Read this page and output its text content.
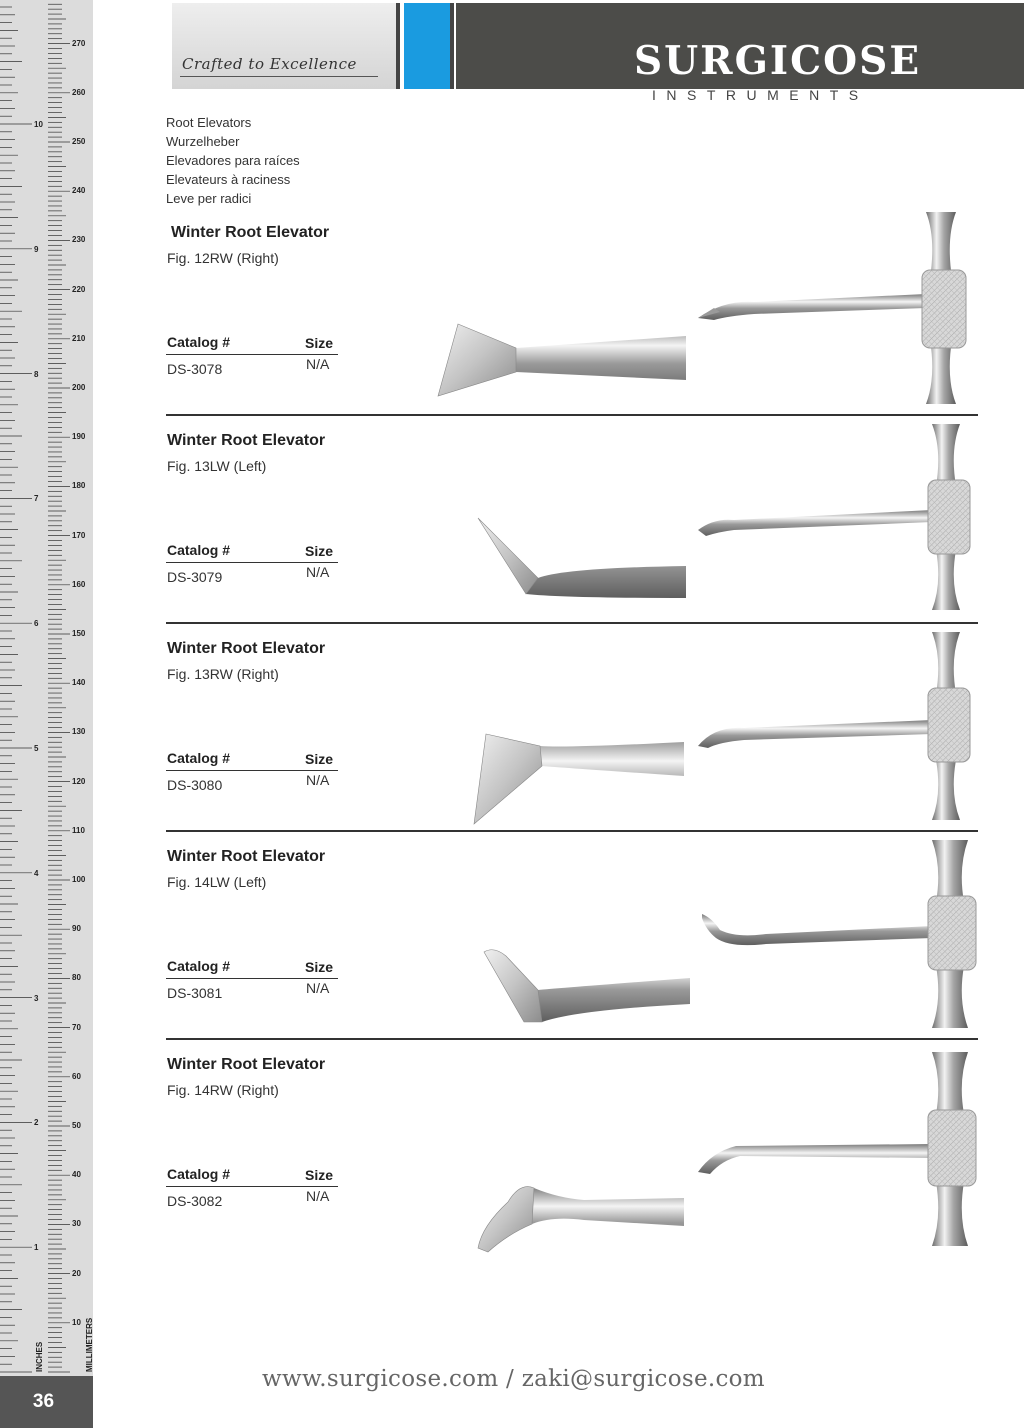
10
20
30
40
50
60
70
80
90
100
110
120
130
140
150
160
170
180
190
200
210
220
230
240
250
260
270
1
2
3
4
5
6
7
8
9
10
INCHES	MILLIMETERS
36
Crafted to Excellence	SURGICOSE
INSTRUMENTS
Root Elevators
Wurzelheber
Elevadores para raíces
Elevateurs à raciness
Leve per radici
Winter Root Elevator
Fig. 12RW (Right)
Catalog #	Size
DS-3078	N/A
Winter Root Elevator
Fig. 13LW (Left)
Catalog #	Size
DS-3079	N/A
Winter Root Elevator
Fig. 13RW (Right)
Catalog #	Size
DS-3080	N/A
Winter Root Elevator
Fig. 14LW (Left)
Catalog #	Size
DS-3081	N/A
Winter Root Elevator
Fig. 14RW (Right)
Catalog #	Size
DS-3082	N/A
www.surgicose.com / zaki@surgicose.com
